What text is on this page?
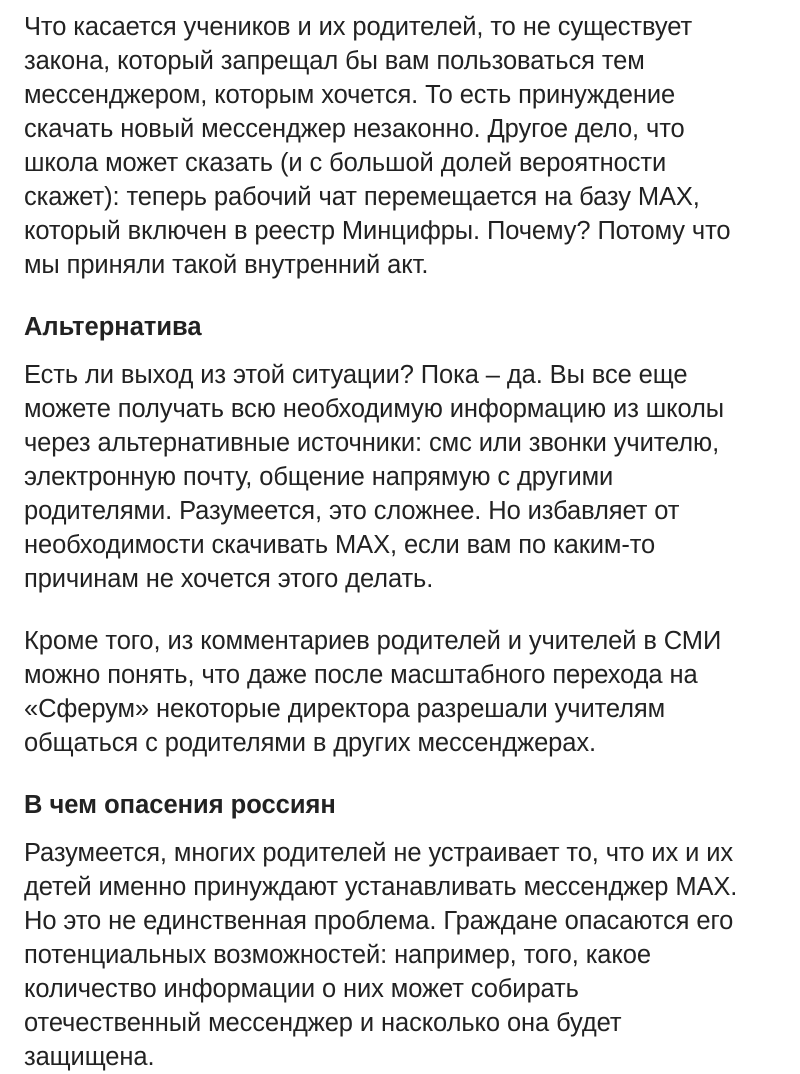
Что касается учеников и их родителей, то не существует
закона, который запрещал бы вам пользоваться тем
мессенджером, которым хочется. То есть принуждение
скачать новый мессенджер незаконно. Другое дело, что
школа может сказать (и с большой долей вероятности
скажет): теперь рабочий чат перемещается на базу MAX,
который включен в реестр Минцифры. Почему? Потому что
мы приняли такой внутренний акт.

Альтернатива

Есть ли выход из этой ситуации? Пока – да. Вы все еще
можете получать всю необходимую информацию из школы
через альтернативные источники: смс или звонки учителю,
электронную почту, общение напрямую с другими
родителями. Разумеется, это сложнее. Но избавляет от
необходимости скачивать MAX, если вам по каким-то
причинам не хочется этого делать.

Кроме того, из комментариев родителей и учителей в СМИ
можно понять, что даже после масштабного перехода на
«Сферум» некоторые директора разрешали учителям
общаться с родителями в других мессенджерах.

В чем опасения россиян

Разумеется, многих родителей не устраивает то, что их и их
детей именно принуждают устанавливать мессенджер MAX.
Но это не единственная проблема. Граждане опасаются его
потенциальных возможностей: например, того, какое
количество информации о них может собирать
отечественный мессенджер и насколько она будет
защищена.
